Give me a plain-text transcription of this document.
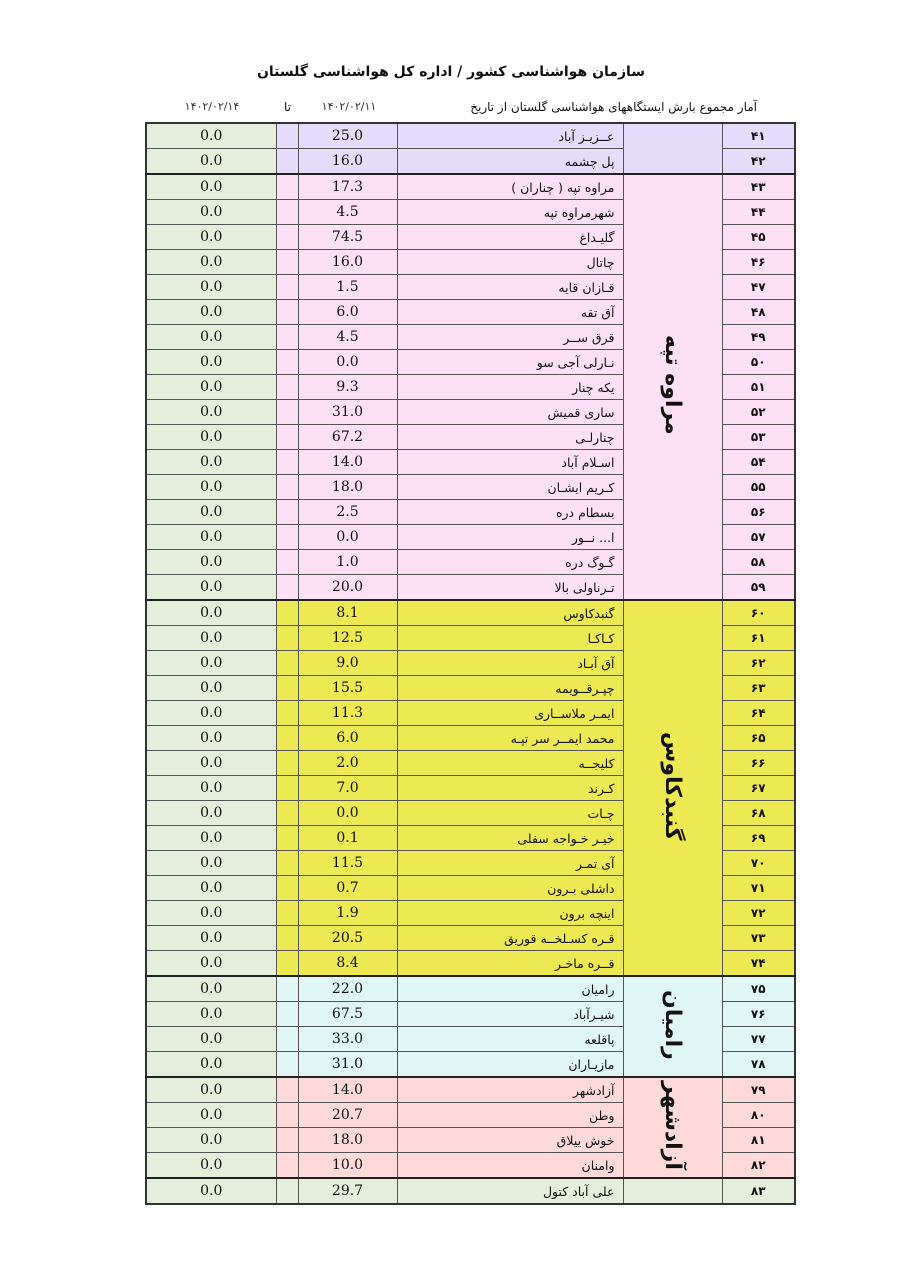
سازمان هواشناسی کشور / اداره کل هواشناسی گلستان
آمار مجموع بارش ایستگاههای هواشناسی گلستان از تاریخ
۱۴۰۲/۰۲/۱۱
تا
۱۴۰۲/۰۲/۱۴
0.0		25.0	عــزیـز آباد		۴۱
0.0		16.0	پل چشمه		۴۲
0.0		17.3	مراوه تپه ( چناران )	مراوه تپه	۴۳
0.0		4.5	شهرمراوه تپه		۴۴
0.0		74.5	گلیـداغ		۴۵
0.0		16.0	چاتال		۴۶
0.0		1.5	قـازان قایه		۴۷
0.0		6.0	آق تقه		۴۸
0.0		4.5	قرق ســر		۴۹
0.0		0.0	نـارلی آجی سو		۵۰
0.0		9.3	یکه چنار		۵۱
0.0		31.0	ساری قمیش		۵۲
0.0		67.2	چنارلـی		۵۳
0.0		14.0	اسـلام آباد		۵۴
0.0		18.0	کـریم ایشـان		۵۵
0.0		2.5	بسطام دره		۵۶
0.0		0.0	ا... نــور		۵۷
0.0		1.0	گـوگ دره		۵۸
0.0		20.0	تـرناولی بالا		۵۹
0.0		8.1	گنبدکاوس	گنبدکاوس	۶۰
0.0		12.5	کـاکـا		۶۱
0.0		9.0	آق آبـاد		۶۲
0.0		15.5	چپـرقــویمه		۶۳
0.0		11.3	ایمـر ملاســاری		۶۴
0.0		6.0	محمد ایمــر سر تپـه		۶۵
0.0		2.0	کلیجــه		۶۶
0.0		7.0	کـرند		۶۷
0.0		0.0	چـات		۶۸
0.0		0.1	خیـر خـواجه سفلی		۶۹
0.0		11.5	آی تمـر		۷۰
0.0		0.7	داشلی بـرون		۷۱
0.0		1.9	اینچه برون		۷۲
0.0		20.5	قـره کسـلخــه قوریق		۷۳
0.0		8.4	قــره ماخـر		۷۴
0.0		22.0	رامیان	رامیان	۷۵
0.0		67.5	شیـرآباد		۷۶
0.0		33.0	پاقلعه		۷۷
0.0		31.0	مازیـاران		۷۸
0.0		14.0	آزادشهر	آزادشهر	۷۹
0.0		20.7	وطن		۸۰
0.0		18.0	خوش ییلاق		۸۱
0.0		10.0	وامنان		۸۲
0.0		29.7	علی آباد کتول		۸۳
